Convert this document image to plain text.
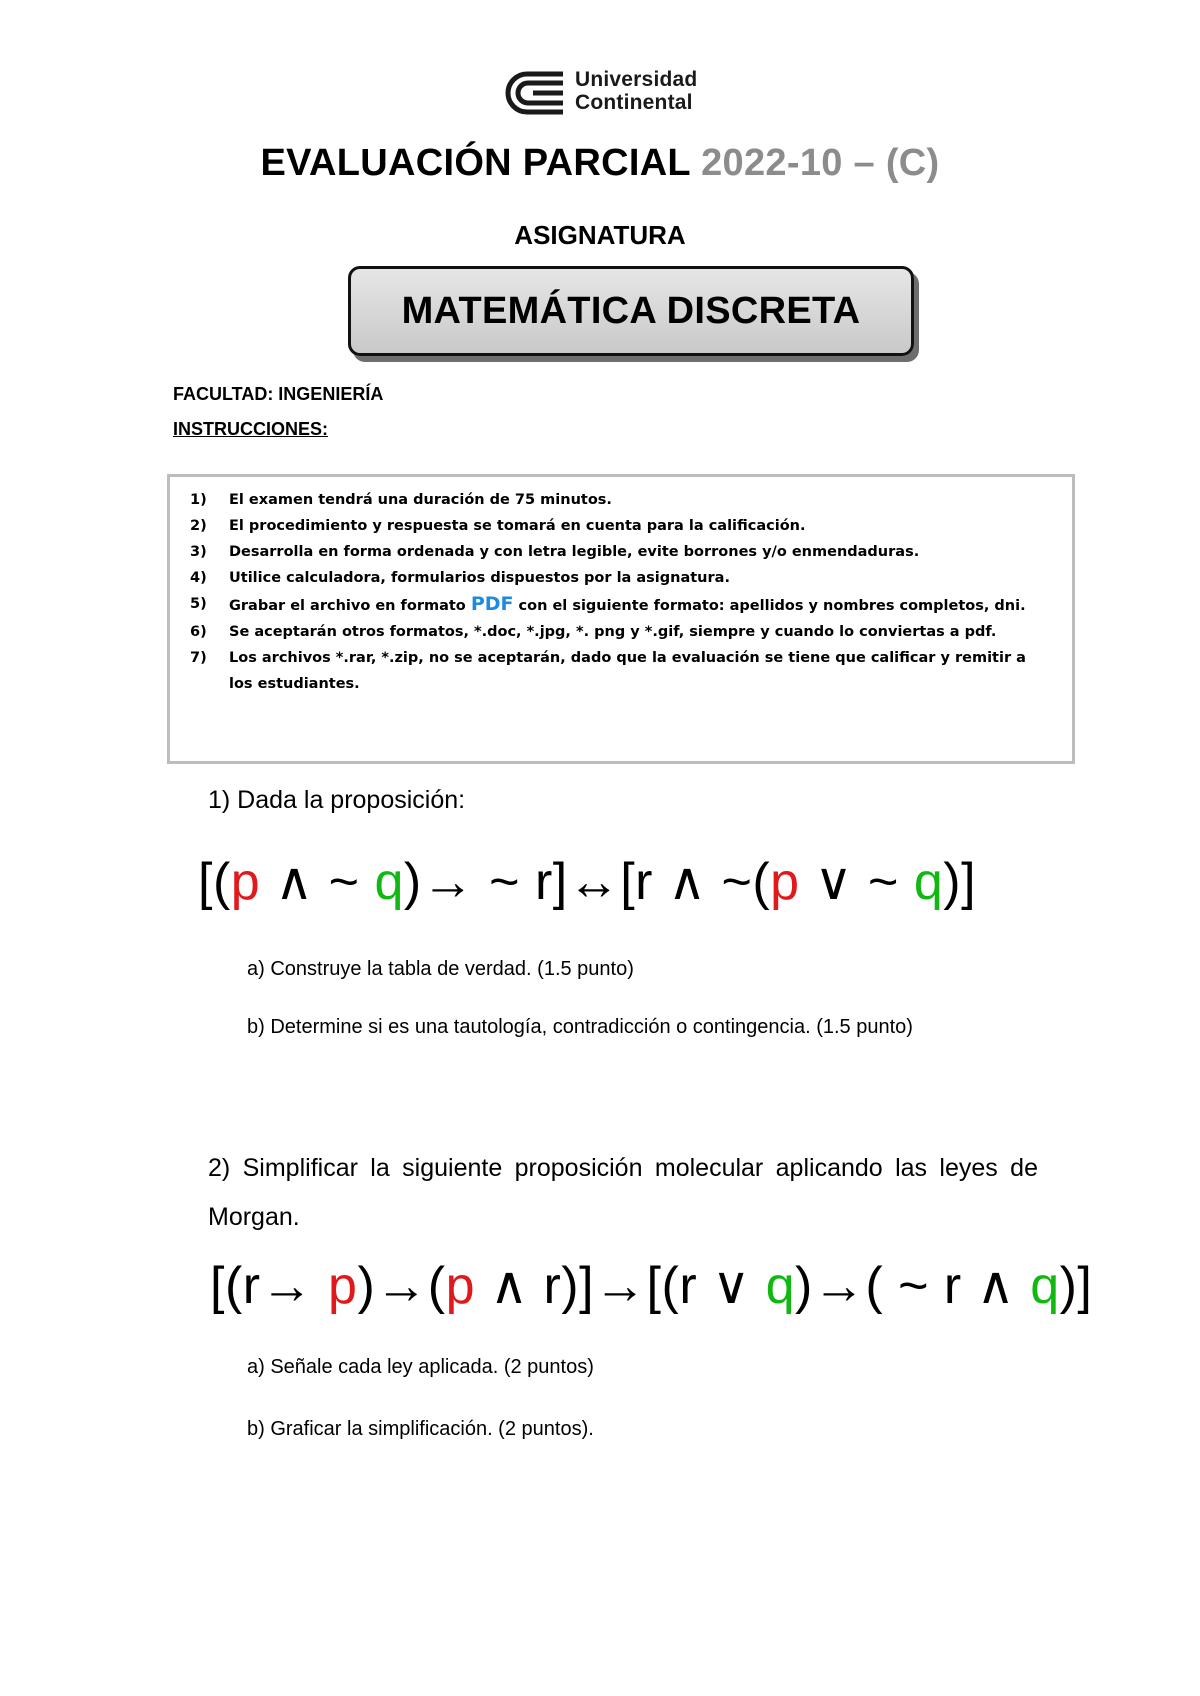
Universidad
Continental
EVALUACIÓN PARCIAL 2022-10 – (C)
ASIGNATURA
MATEMÁTICA DISCRETA
FACULTAD: INGENIERÍA
INSTRUCCIONES:
1)	El examen tendrá una duración de 75 minutos.
2)	El procedimiento y respuesta se tomará en cuenta para la calificación.
3)	Desarrolla en forma ordenada y con letra legible, evite borrones y/o enmendaduras.
4)	Utilice calculadora, formularios dispuestos por la asignatura.
5)	Grabar el archivo en formato PDF con el siguiente formato: apellidos y nombres completos, dni.
6)	Se aceptarán otros formatos, *.doc, *.jpg, *. png y *.gif, siempre y cuando lo conviertas a pdf.
7)	Los archivos *.rar, *.zip, no se aceptarán, dado que la evaluación se tiene que calificar y remitir a los estudiantes.
1) Dada la proposición:
[(p ∧ ~ q)→ ~ r]↔[r ∧ ~(p ∨ ~ q)]
a) Construye la tabla de verdad. (1.5 punto)
b) Determine si es una tautología, contradicción o contingencia. (1.5 punto)
2) Simplificar la siguiente proposición molecular aplicando las leyes de Morgan.
[(r→ p)→(p ∧ r)]→[(r ∨ q)→( ~ r ∧ q)]
a) Señale cada ley aplicada. (2 puntos)
b) Graficar la simplificación. (2 puntos).
